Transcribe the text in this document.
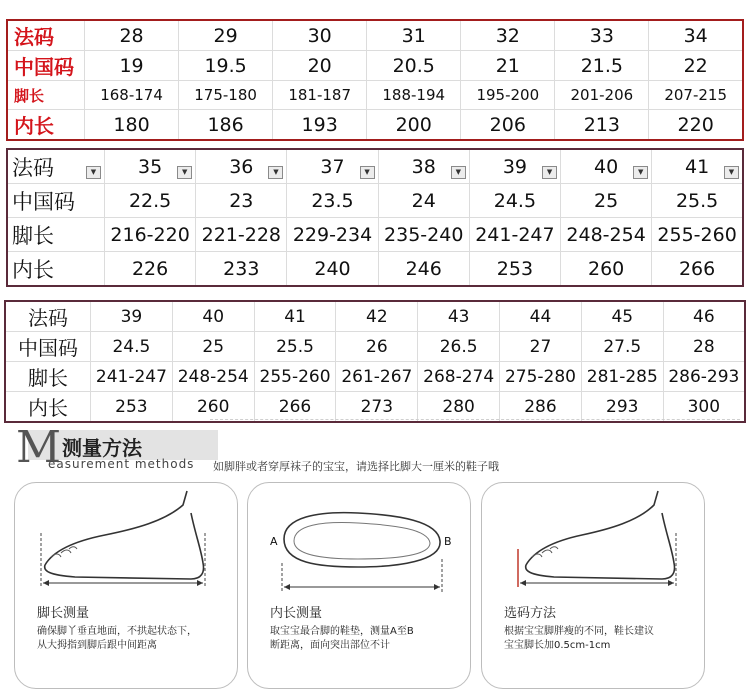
法码	28	29	30	31	32	33	34
中国码	19	19.5	20	20.5	21	21.5	22
脚长	168-174	175-180	181-187	188-194	195-200	201-206	207-215
内长	180	186	193	200	206	213	220
法码 ▼	35 ▼	36 ▼	37 ▼	38 ▼	39 ▼	40 ▼	41 ▼

中国码	22.5	23	23.5	24	24.5	25	25.5
脚长	216-220	221-228	229-234	235-240	241-247	248-254	255-260
内长	226	233	240	246	253	260	266
法码	39	40	41	42	43	44	45	46
中国码	24.5	25	25.5	26	26.5	27	27.5	28
脚长	241-247	248-254	255-260	261-267	268-274	275-280	281-285	286-293
内长	253	260	266	273	280	286	293	300
M 测量方法
easurement methods 如脚胖或者穿厚袜子的宝宝，请选择比脚大一厘米的鞋子哦
脚长测量
确保脚丫垂直地面，不拱起状态下，
从大拇指到脚后跟中间距离
A	B
内长测量
取宝宝最合脚的鞋垫，测量A至B
断距离，面向突出部位不计
选码方法
根据宝宝脚胖瘦的不同，鞋长建议
宝宝脚长加0.5cm-1cm
